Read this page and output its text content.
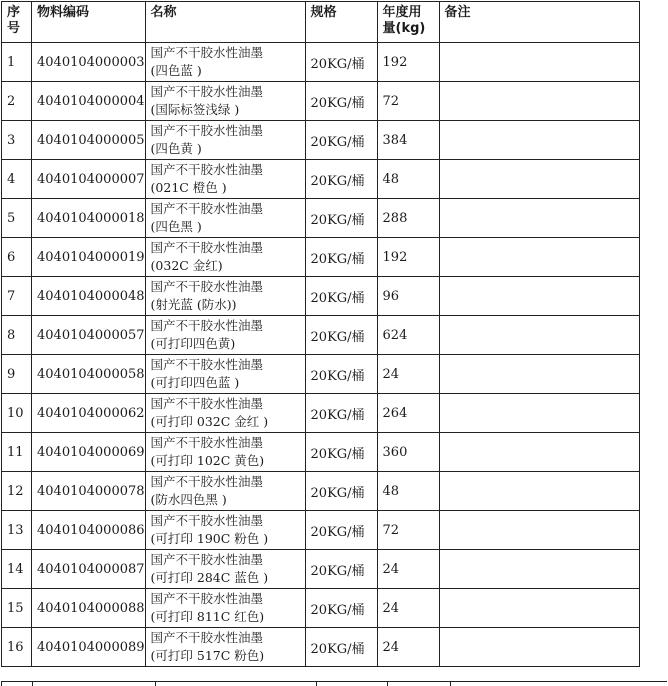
序
号	物料编码	名称	规格	年度用
量(kg)	备注
1	4040104000003	国产不干胶水性油墨
(四色蓝 )	20KG/桶	192	
2	4040104000004	国产不干胶水性油墨
(国际标签浅绿 )	20KG/桶	72	
3	4040104000005	国产不干胶水性油墨
(四色黄 )	20KG/桶	384	
4	4040104000007	国产不干胶水性油墨
(021C 橙色 )	20KG/桶	48	
5	4040104000018	国产不干胶水性油墨
(四色黑 )	20KG/桶	288	
6	4040104000019	国产不干胶水性油墨
(032C 金红)	20KG/桶	192	
7	4040104000048	国产不干胶水性油墨
(射光蓝 (防水))	20KG/桶	96	
8	4040104000057	国产不干胶水性油墨
(可打印四色黄)	20KG/桶	624	
9	4040104000058	国产不干胶水性油墨
(可打印四色蓝 )	20KG/桶	24	
10	4040104000062	国产不干胶水性油墨
(可打印 032C 金红 )	20KG/桶	264	
11	4040104000069	国产不干胶水性油墨
(可打印 102C 黄色)	20KG/桶	360	
12	4040104000078	国产不干胶水性油墨
(防水四色黑 )	20KG/桶	48	
13	4040104000086	国产不干胶水性油墨
(可打印 190C 粉色 )	20KG/桶	72	
14	4040104000087	国产不干胶水性油墨
(可打印 284C 蓝色 )	20KG/桶	24	
15	4040104000088	国产不干胶水性油墨
(可打印 811C 红色)	20KG/桶	24	
16	4040104000089	国产不干胶水性油墨
(可打印 517C 粉色)	20KG/桶	24	
